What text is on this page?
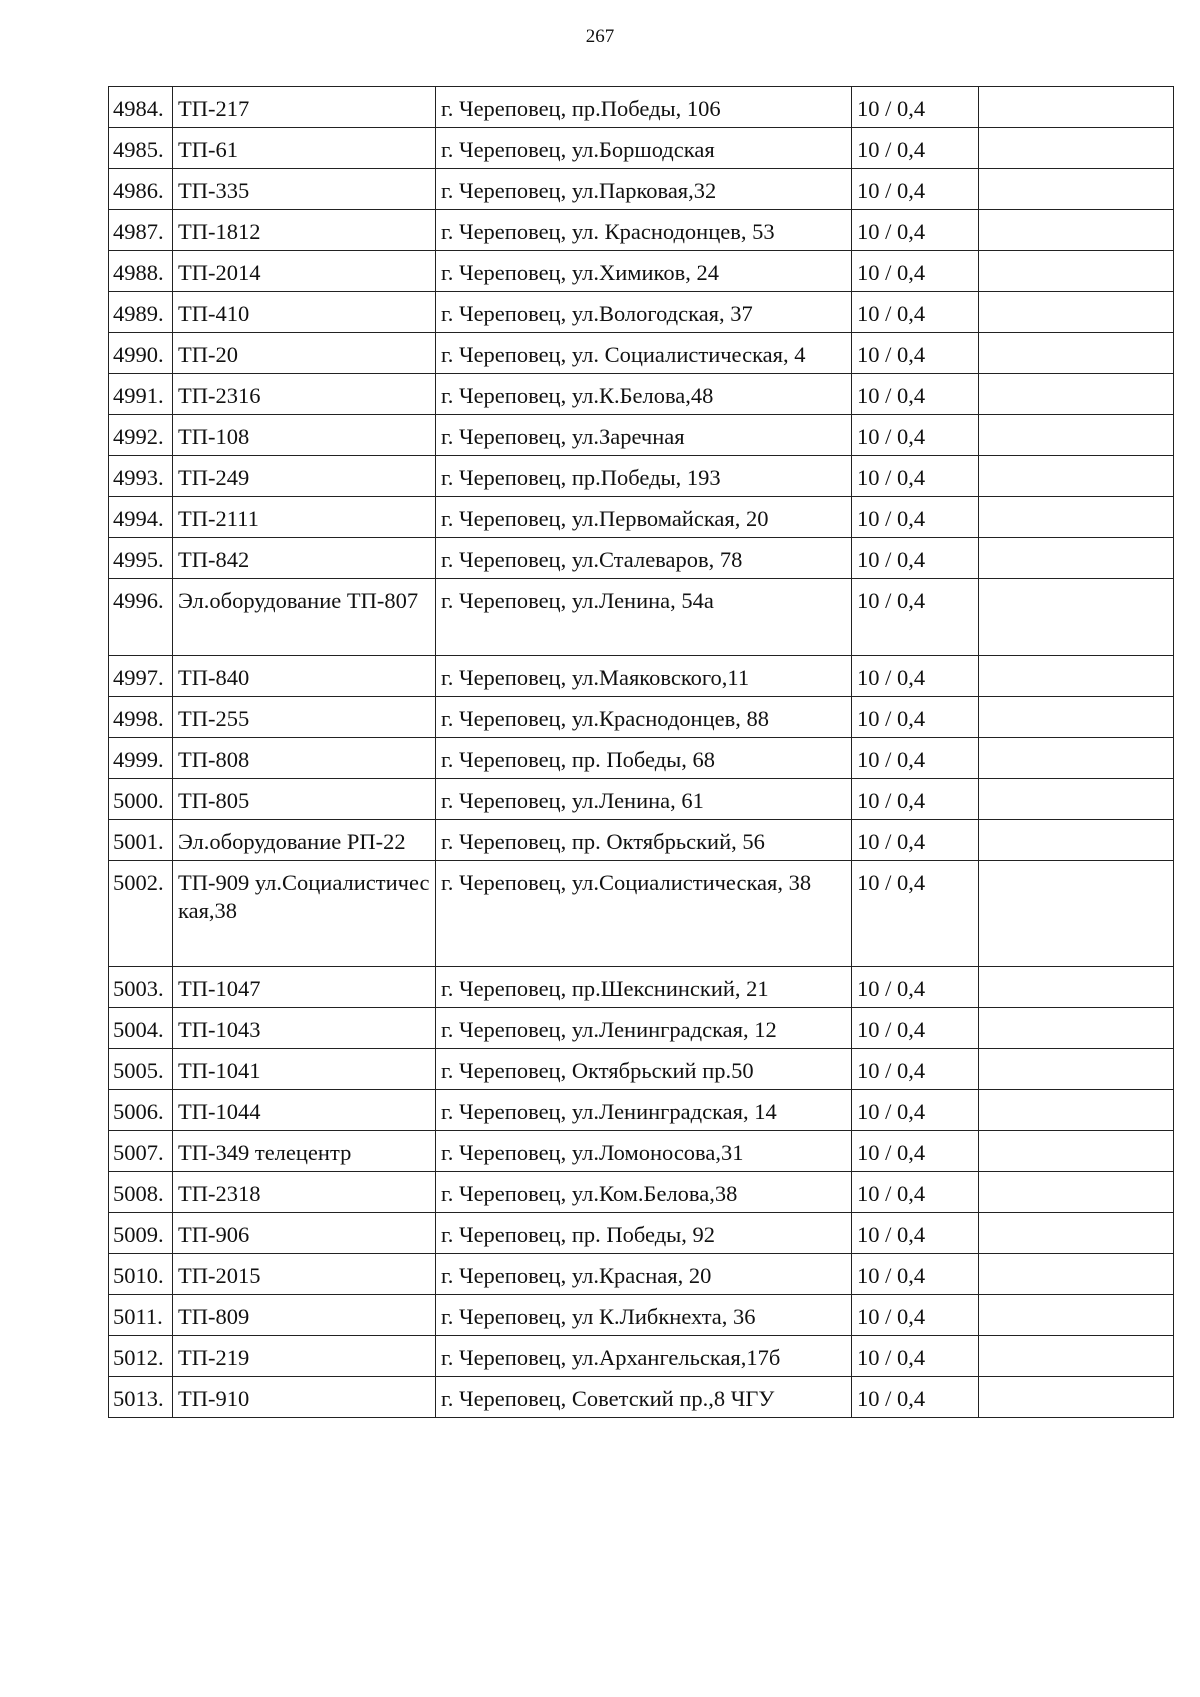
267
4984.	ТП-217	г. Череповец, пр.Победы, 106	10 / 0,4	
4985.	ТП-61	г. Череповец, ул.Боршодская	10 / 0,4	
4986.	ТП-335	г. Череповец, ул.Парковая,32	10 / 0,4	
4987.	ТП-1812	г. Череповец, ул. Краснодонцев, 53	10 / 0,4	
4988.	ТП-2014	г. Череповец, ул.Химиков, 24	10 / 0,4	
4989.	ТП-410	г. Череповец, ул.Вологодская, 37	10 / 0,4	
4990.	ТП-20	г. Череповец, ул. Социалистическая, 4	10 / 0,4	
4991.	ТП-2316	г. Череповец, ул.К.Белова,48	10 / 0,4	
4992.	ТП-108	г. Череповец, ул.Заречная	10 / 0,4	
4993.	ТП-249	г. Череповец, пр.Победы, 193	10 / 0,4	
4994.	ТП-2111	г. Череповец, ул.Первомайская, 20	10 / 0,4	
4995.	ТП-842	г. Череповец, ул.Сталеваров, 78	10 / 0,4	
4996.	Эл.оборудование ТП-807	г. Череповец, ул.Ленина, 54а	10 / 0,4	
4997.	ТП-840	г. Череповец, ул.Маяковского,11	10 / 0,4	
4998.	ТП-255	г. Череповец, ул.Краснодонцев, 88	10 / 0,4	
4999.	ТП-808	г. Череповец, пр. Победы, 68	10 / 0,4	
5000.	ТП-805	г. Череповец, ул.Ленина, 61	10 / 0,4	
5001.	Эл.оборудование РП-22	г. Череповец, пр. Октябрьский, 56	10 / 0,4	
5002.	ТП-909 ул.Социалистическая,38	г. Череповец, ул.Социалистическая, 38	10 / 0,4	
5003.	ТП-1047	г. Череповец, пр.Шекснинский, 21	10 / 0,4	
5004.	ТП-1043	г. Череповец, ул.Ленинградская, 12	10 / 0,4	
5005.	ТП-1041	г. Череповец, Октябрьский пр.50	10 / 0,4	
5006.	ТП-1044	г. Череповец, ул.Ленинградская, 14	10 / 0,4	
5007.	ТП-349 телецентр	г. Череповец, ул.Ломоносова,31	10 / 0,4	
5008.	ТП-2318	г. Череповец, ул.Ком.Белова,38	10 / 0,4	
5009.	ТП-906	г. Череповец, пр. Победы, 92	10 / 0,4	
5010.	ТП-2015	г. Череповец, ул.Красная, 20	10 / 0,4	
5011.	ТП-809	г. Череповец, ул К.Либкнехта, 36	10 / 0,4	
5012.	ТП-219	г. Череповец, ул.Архангельская,17б	10 / 0,4	
5013.	ТП-910	г. Череповец, Советский пр.,8 ЧГУ	10 / 0,4	
